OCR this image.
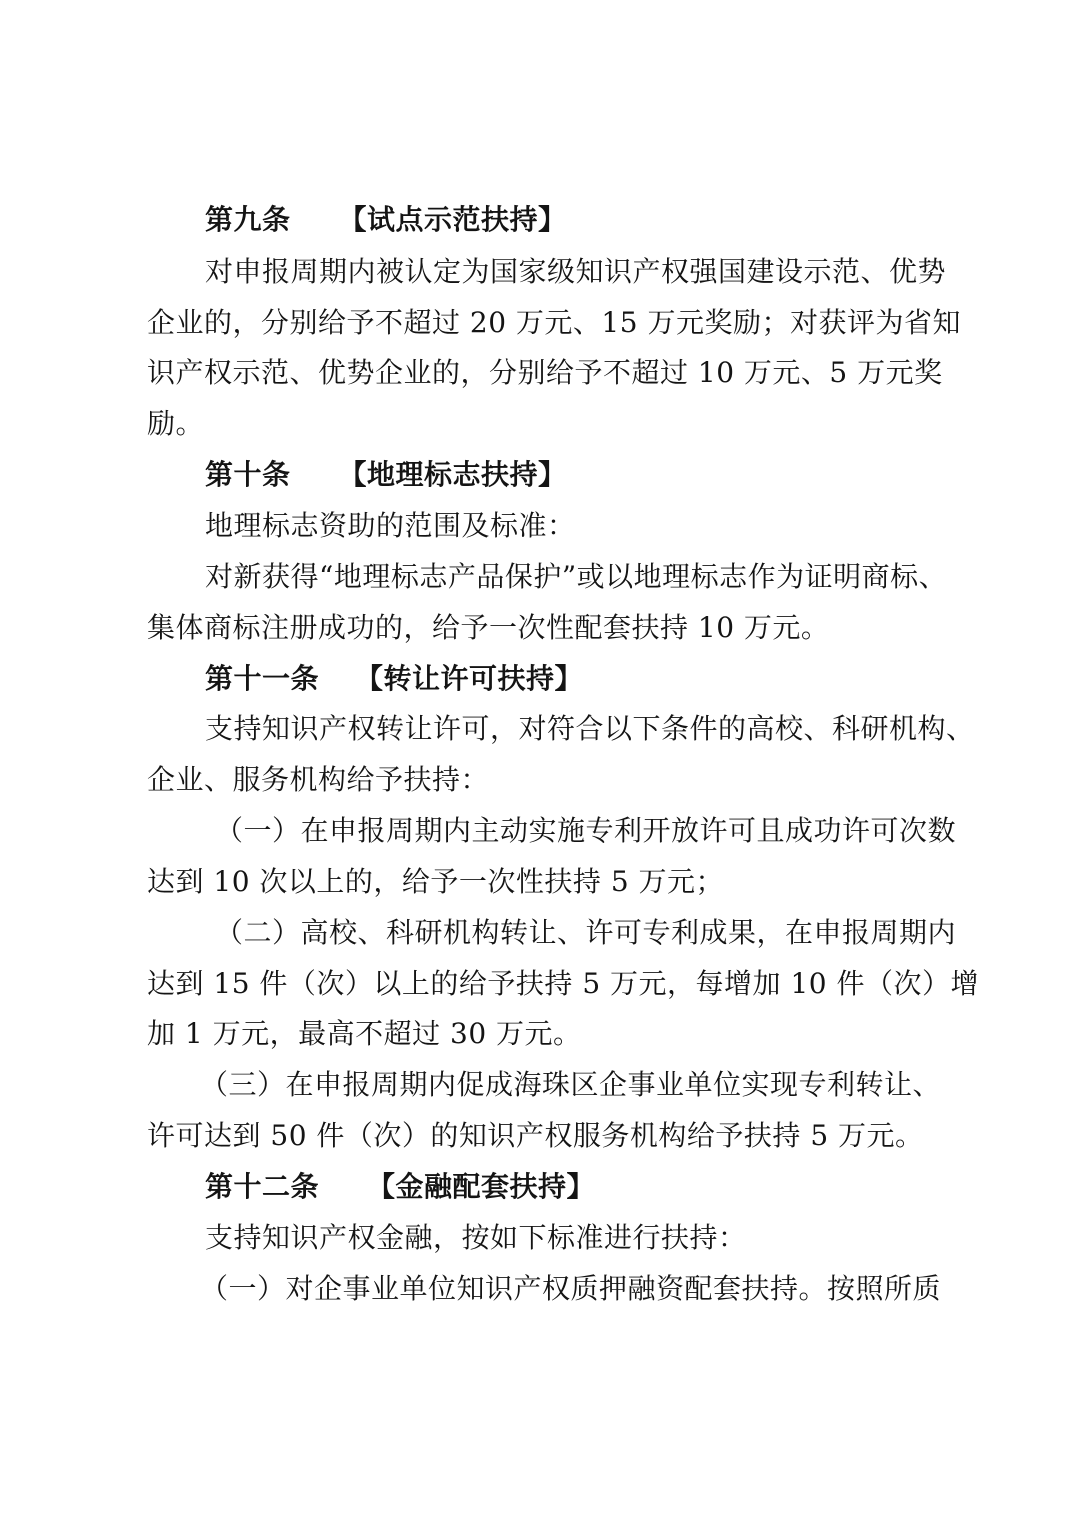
第九条 【试点示范扶持】
对申报周期内被认定为国家级知识产权强国建设示范、优势
企业的，分别给予不超过 20 万元、15 万元奖励；对获评为省知
识产权示范、优势企业的，分别给予不超过 10 万元、5 万元奖
励。
第十条 【地理标志扶持】
地理标志资助的范围及标准：
对新获得“地理标志产品保护”或以地理标志作为证明商标、
集体商标注册成功的，给予一次性配套扶持 10 万元。
第十一条 【转让许可扶持】
支持知识产权转让许可，对符合以下条件的高校、科研机构、
企业、服务机构给予扶持：
（一）在申报周期内主动实施专利开放许可且成功许可次数
达到 10 次以上的，给予一次性扶持 5 万元；
（二）高校、科研机构转让、许可专利成果，在申报周期内
达到 15 件（次）以上的给予扶持 5 万元，每增加 10 件（次）增
加 1 万元，最高不超过 30 万元。
（三）在申报周期内促成海珠区企事业单位实现专利转让、
许可达到 50 件（次）的知识产权服务机构给予扶持 5 万元。
第十二条 【金融配套扶持】
支持知识产权金融，按如下标准进行扶持：
（一）对企事业单位知识产权质押融资配套扶持。按照所质
